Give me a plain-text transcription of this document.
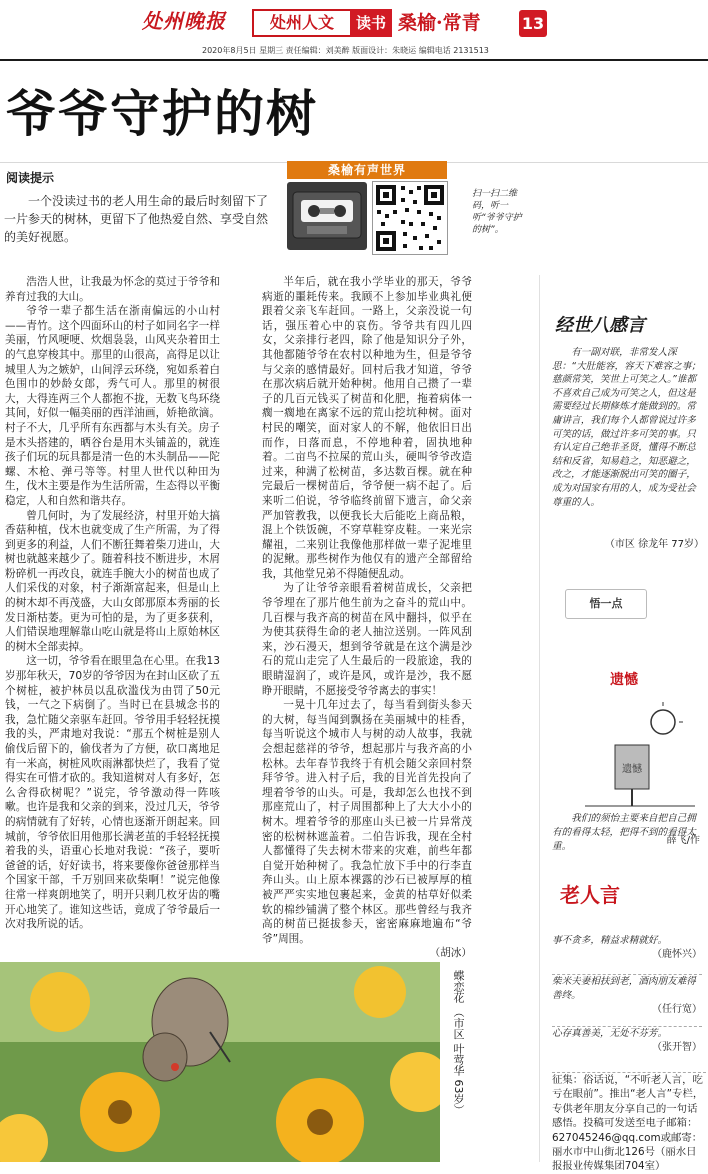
处州晚报	处州人文	读书 桑榆·常青	13
2020年8月5日 星期三 责任编辑：刘美醉 版面设计：朱晓运 编辑电话 2131513
爷爷守护的树
阅读提示
一个没读过书的老人用生命的最后时刻留下了一片参天的树林，更留下了他热爱自然、享受自然的美好视愿。
桑榆有声世界
扫一扫二维码，听一听“爷爷守护的树”。

浩浩人世，让我最为怀念的莫过于爷爷和养育过我的大山。

爷爷一辈子都生活在浙南偏远的小山村——青竹。这个四面环山的村子如同名字一样美丽，竹风哽哽、炊烟袅袅，山风夹杂着田土的气息穿梭其中。那里的山很高，高得足以让城里人为之嫉妒，山间浮云环绕，宛如系着白色围巾的妙龄女郎，秀气可人。那里的树很大，大得连两三个人都抱不拢，无数飞鸟环绕其间，好似一幅美丽的西洋油画，娇艳欲滴。村子不大，几乎所有东西都与木头有关。房子是木头搭建的，晒谷台是用木头铺盖的，就连孩子们玩的玩具都是清一色的木头制品——陀螺、木枪、弹弓等等。村里人世代以种田为生，伐木主要是作为生活所需，生态得以平衡稳定，人和自然和谐共存。

曾几何时，为了发展经济，村里开始大搞香菇种植，伐木也就变成了生产所需，为了得到更多的利益，人们不断狂舞着柴刀进山，大树也就越来越少了。随着科技不断进步，木屑粉碎机一再改良，就连手腕大小的树苗也成了人们采伐的对象，村子渐渐富起来，但是山上的树木却不再茂盛，大山女郎那原本秀丽的长发日渐枯萎。更为可怕的是，为了更多获利，人们错误地理解靠山吃山就是将山上原始林区的树木全部卖掉。

这一切，爷爷看在眼里急在心里。在我13岁那年秋天，70岁的爷爷因为在封山区砍了五个树桩，被护林员以乱砍滥伐为由罚了50元钱，一气之下病倒了。当时已在县城念书的我，急忙随父亲驱车赶回。爷爷用手轻轻抚摸我的头，严肃地对我说：“那五个树桩是别人偷伐后留下的，偷伐者为了方便，砍口离地足有一米高，树桩风吹雨淋都快烂了，我看了觉得实在可惜才砍的。我知道树对人有多好，怎么舍得砍树呢？”说完，爷爷激动得一阵咳嗽。也许是我和父亲的到来，没过几天，爷爷的病情就有了好转，心情也逐渐开朗起来。回城前，爷爷依旧用他那长满老茧的手轻轻抚摸着我的头，语重心长地对我说：“孩子，要听爸爸的话，好好读书，将来要像你爸爸那样当个国家干部，千万别回来砍柴啊！”说完他像往常一样爽朗地笑了，明开只剩几枚牙齿的嘴开心地笑了。谁知这些话，竟成了爷爷最后一次对我所说的话。

半年后，就在我小学毕业的那天，爷爷病逝的噩耗传来。我顾不上参加毕业典礼便跟着父亲飞车赶回。一路上，父亲没说一句话，强压着心中的哀伤。爷爷共有四儿四女，父亲排行老四，除了他是知识分子外，其他都随爷爷在农村以种地为生，但是爷爷与父亲的感情最好。回村后我才知道，爷爷在那次病后就开始种树。他用自己攒了一辈子的几百元钱买了树苗和化肥，拖着病体一瘸一瘸地在离家不远的荒山挖坑种树。面对村民的嘲笑，面对家人的不解，他依旧日出而作，日落而息，不停地种着，固执地种着。二亩鸟不拉屎的荒山头，硬叫爷爷改造过来，种满了松树苗，多达数百棵。就在种完最后一棵树苗后，爷爷便一病不起了。后来听二伯说，爷爷临终前留下遗言，命父亲严加管教我，以便我长大后能吃上商品粮，混上个铁饭碗，不穿草鞋穿皮鞋。一来光宗耀祖，二来别让我像他那样做一辈子泥堆里的泥鳅。那些树作为他仅有的遗产全部留给我，其他堂兄弟不得随便乱动。

为了让爷爷亲眼看着树苗成长，父亲把爷爷埋在了那片他生前为之奋斗的荒山中。几百棵与我齐高的树苗在风中翻抖，似乎在为使其获得生命的老人抽泣送别。一阵风刮来，沙石漫天，想到爷爷就是在这个满是沙石的荒山走完了人生最后的一段旅途，我的眼睛湿润了，或许是风，或许是沙，我不愿睁开眼睛，不愿接受爷爷离去的事实！

一晃十几年过去了，每当看到街头参天的大树，每当闻到飘扬在美丽城中的桂香，每当听说这个城市人与树的动人故事，我就会想起慈祥的爷爷，想起那片与我齐高的小松林。去年春节我终于有机会随父亲回村祭拜爷爷。进入村子后，我的目光首先投向了埋着爷爷的山头。可是，我却怎么也找不到那座荒山了，村子周围都种上了大大小小的树木。埋着爷爷的那座山头已被一片异常茂密的松树林遮盖着。二伯告诉我，现在全村人都懂得了失去树木带来的灾难，前些年都自觉开始种树了。我急忙放下手中的行李直奔山头。山上原本裸露的沙石已被厚厚的植被严严实实地包裹起来，金黄的枯草好似柔软的棉纱铺满了整个林区。那些曾经与我齐高的树苗已挺拔参天，密密麻麻地遍布“爷爷”周围。

（胡冰）
蝶恋花 （市区 叶莺华 63岁）
经世八感言
有一副对联，非常发人深思：“大肚能容，容天下难容之事；慈颜常笑，笑世上可笑之人。”谁都不喜欢自己成为可笑之人，但这是需要经过长期修炼才能做到的。常庸讲言，我们每个人都曾说过许多可笑的话，做过许多可笑的事。只有认定自己绝非圣贤，懂得不断总结和反省，知易趋之，知恶避之，改之，才能逐渐脱出可笑的圈子，成为对国家有用的人，成为受社会尊重的人。
（市区 徐龙年 77岁）
悟一点
遗憾
遗憾
我们的须怡主要来自把自己拥有的看得太轻，把得不到的看得太重。
薛飞/作
老人言
事不贪多，精益求精就好。
（鹿怀兴）
柴米夫妻相扶到老，酒肉朋友难得善终。
（任行宽）
心存真善美，无处不芬芳。
（张开智）
征集：俗话说，“不听老人言，吃亏在眼前”。推出“老人言”专栏，专供老年朋友分享自己的一句话感悟。投稿可发送至电子邮箱：627045246@qq.com或邮寄：丽水市中山街北126号（丽水日报报业传媒集团704室）
